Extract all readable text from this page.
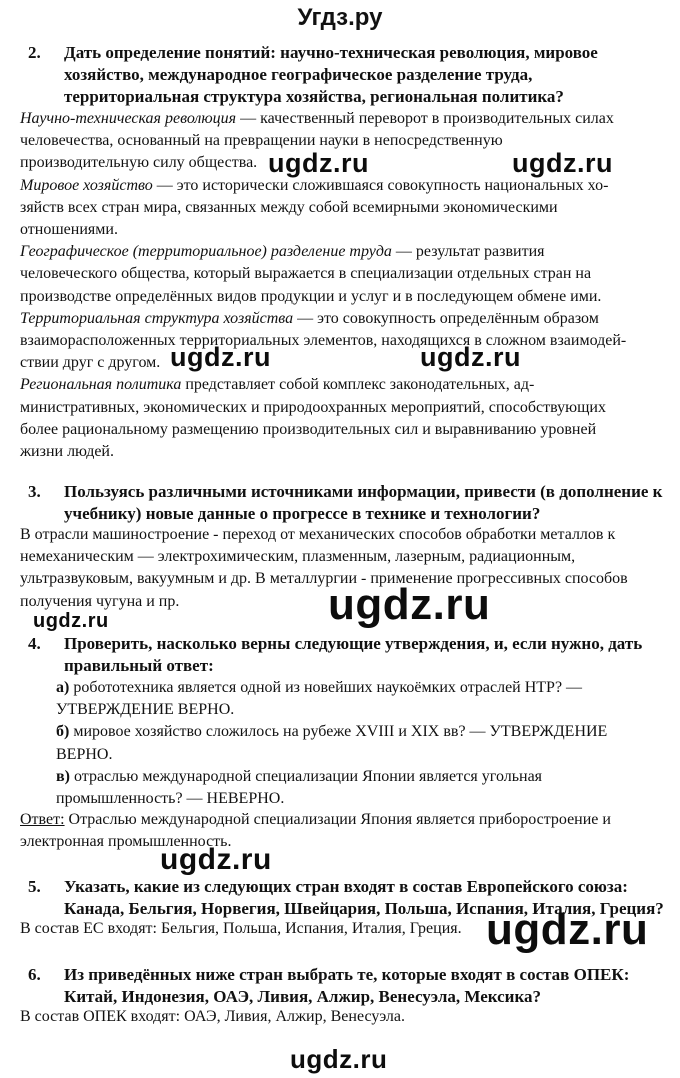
Угдз.ру
2. Дать определение понятий: научно-техническая революция, мировое
хозяйство, международное географическое разделение труда,
территориальная структура хозяйства, региональная политика?
Научно-техническая революция — качественный переворот в производительных силах
человечества, основанный на превращении науки в непосредственную
производительную силу общества.
Мировое хозяйство — это исторически сложившаяся совокупность национальных хо-
зяйств всех стран мира, связанных между собой всемирными экономическими
отношениями.
Географическое (территориальное) разделение труда — результат развития
человеческого общества, который выражается в специализации отдельных стран на
производстве определённых видов продукции и услуг и в последующем обмене ими.
Территориальная структура хозяйства — это совокупность определённым образом
взаиморасположенных территориальных элементов, находящихся в сложном взаимодей-
ствии друг с другом.
Региональная политика представляет собой комплекс законодательных, ад-
министративных, экономических и природоохранных мероприятий, способствующих
более рациональному размещению производительных сил и выравниванию уровней
жизни людей.
3. Пользуясь различными источниками информации, привести (в дополнение к
учебнику) новые данные о прогрессе в технике и технологии?
В отрасли машиностроение - переход от механических способов обработки металлов к
немеханическим — электрохимическим, плазменным, лазерным, радиационным,
ультразвуковым, вакуумным и др. В металлургии - применение прогрессивных способов
получения чугуна и пр.
4. Проверить, насколько верны следующие утверждения, и, если нужно, дать
правильный ответ:
а) робототехника является одной из новейших наукоёмких отраслей НТР? —
УТВЕРЖДЕНИЕ ВЕРНО.
б) мировое хозяйство сложилось на рубеже XVIII и XIX вв? — УТВЕРЖДЕНИЕ
ВЕРНО.
в) отраслью международной специализации Японии является угольная
промышленность? — НЕВЕРНО.
Ответ: Отраслью международной специализации Япония является приборостроение и
электронная промышленность.
5. Указать, какие из следующих стран входят в состав Европейского союза:
Канада, Бельгия, Норвегия, Швейцария, Польша, Испания, Италия, Греция?
В состав ЕС входят: Бельгия, Польша, Испания, Италия, Греция.
6. Из приведённых ниже стран выбрать те, которые входят в состав ОПЕК:
Китай, Индонезия, ОАЭ, Ливия, Алжир, Венесуэла, Мексика?
В состав ОПЕК входят: ОАЭ, Ливия, Алжир, Венесуэла.
ugdz.ru	ugdz.ru
ugdz.ru	ugdz.ru
ugdz.ru
ugdz.ru
ugdz.ru
ugdz.ru
ugdz.ru
